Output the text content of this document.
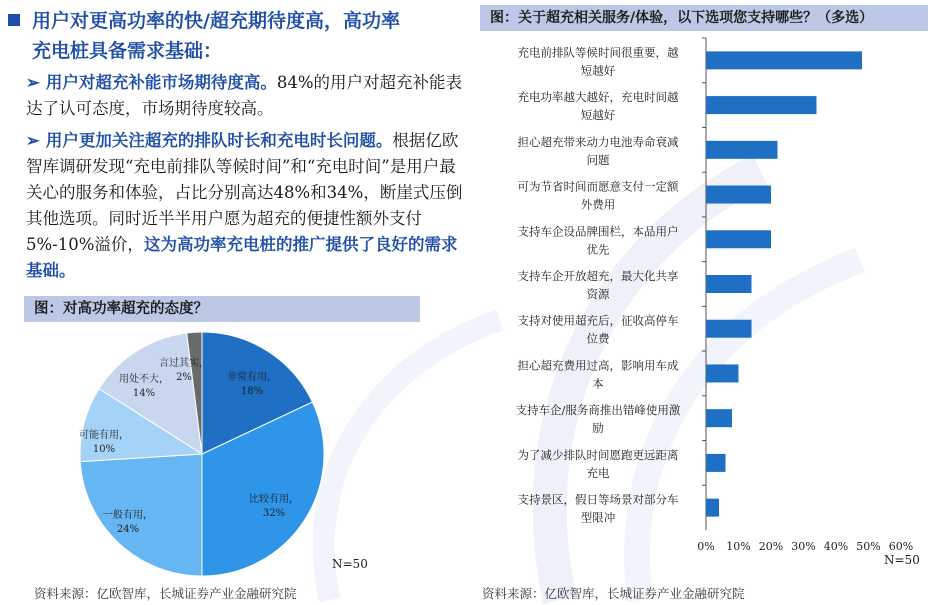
用户对更高功率的快/超充期待度高，高功率
充电桩具备需求基础：
➢ 用户对超充补能市场期待度高。84%的用户对超充补能表达了认可态度，市场期待度较高。
➢ 用户更加关注超充的排队时长和充电时长问题。根据亿欧智库调研发现“充电前排队等候时间”和“充电时间”是用户最关心的服务和体验，占比分别高达48%和34%，断崖式压倒其他选项。同时近半半用户愿为超充的便捷性额外支付5%-10%溢价，这为高功率充电桩的推广提供了良好的需求基础。
图：对高功率超充的态度？
非常有用，
18%
比较有用，
32%
一般有用，
24%
可能有用，
10%
用处不大，
14%
言过其实，
2%
N=50
图：关于超充相关服务/体验，以下选项您支持哪些？（多选）
充电前排队等候时间很重要，越
短越好
充电功率越大越好，充电时间越
短越好
担心超充带来动力电池寿命衰减
问题
可为节省时间而愿意支付一定额
外费用
支持车企设品牌围栏，本品用户
优先
支持车企开放超充，最大化共享
资源
支持对使用超充后，征收高停车
位费
担心超充费用过高，影响用车成
本
支持车企/服务商推出错峰使用激
励
为了减少排队时间愿跑更远距离
充电
支持景区，假日等场景对部分车
型限冲
0% 10% 20% 30% 40% 50% 60%
N=50
资料来源：亿欧智库，长城证券产业金融研究院	资料来源：亿欧智库，长城证券产业金融研究院
